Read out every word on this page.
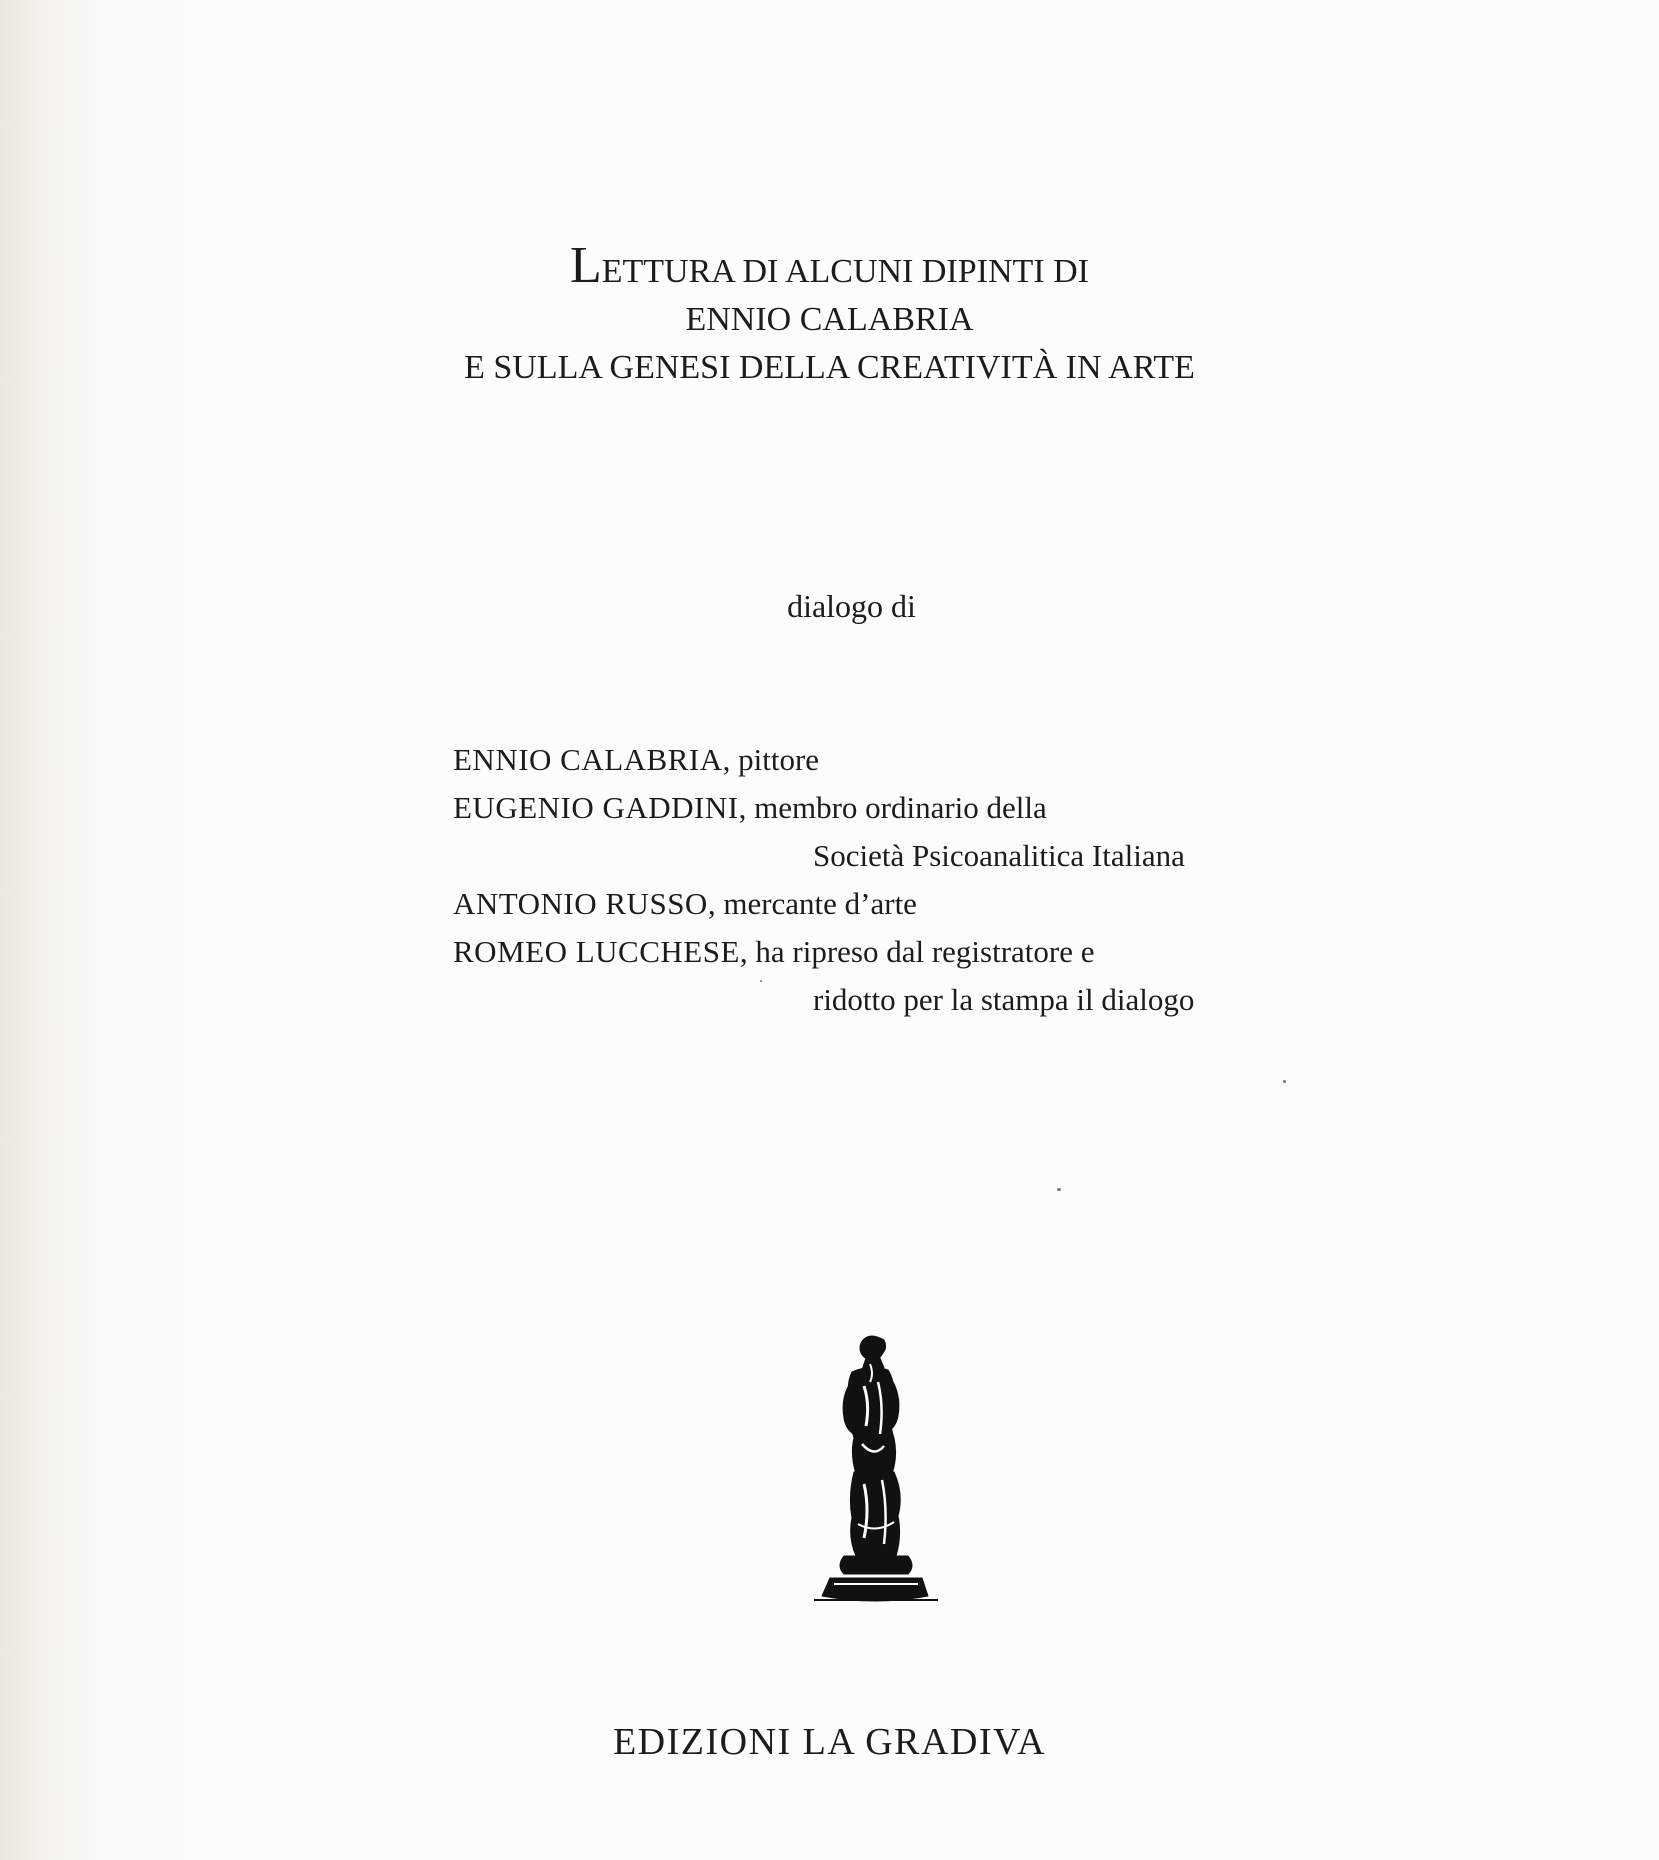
LETTURA DI ALCUNI DIPINTI DI
ENNIO CALABRIA
E SULLA GENESI DELLA CREATIVITÀ IN ARTE
dialogo di
ENNIO CALABRIA, pittore
EUGENIO GADDINI, membro ordinario della
Società Psicoanalitica Italiana
ANTONIO RUSSO, mercante d’arte
ROMEO LUCCHESE, ha ripreso dal registratore e
ridotto per la stampa il dialogo
EDIZIONI LA GRADIVA
